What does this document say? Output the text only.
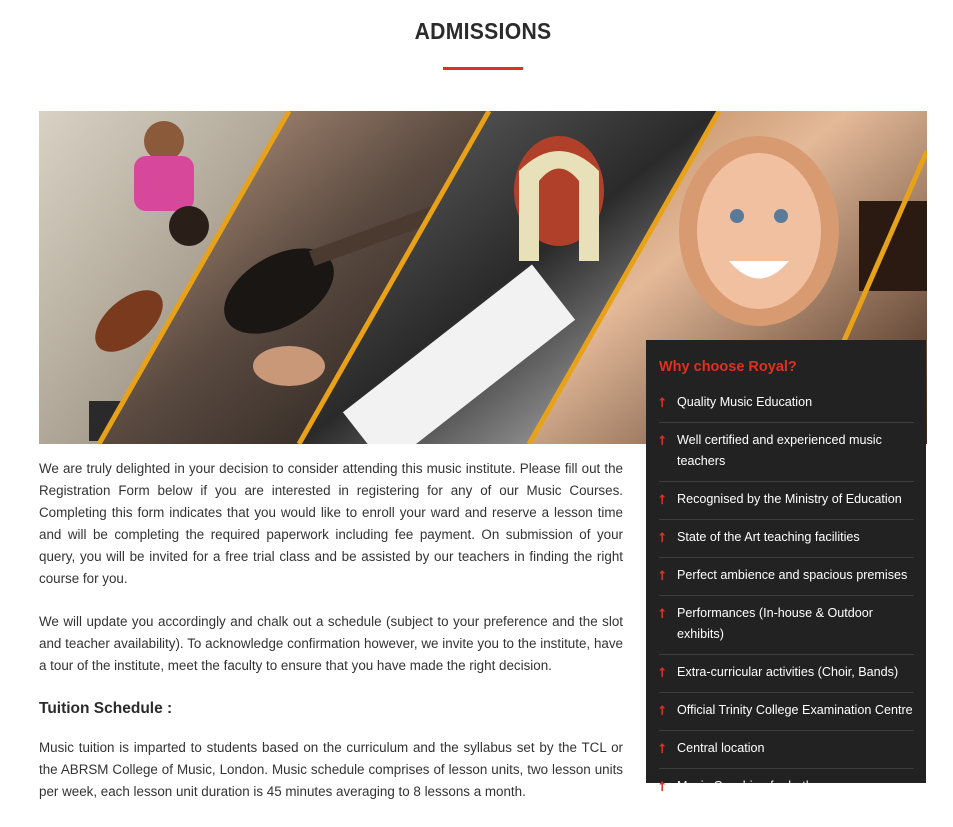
ADMISSIONS

We are truly delighted in your decision to consider attending this music institute. Please fill out the Registration Form below if you are interested in registering for any of our Music Courses. Completing this form indicates that you would like to enroll your ward and reserve a lesson time and will be completing the required paperwork including fee payment. On submission of your query, you will be invited for a free trial class and be assisted by our teachers in finding the right course for you.

We will update you accordingly and chalk out a schedule (subject to your preference and the slot and teacher availability). To acknowledge confirmation however, we invite you to the institute, have a tour of the institute, meet the faculty to ensure that you have made the right decision.

Tuition Schedule :

Music tuition is imparted to students based on the curriculum and the syllabus set by the TCL or the ABRSM College of Music, London. Music schedule comprises of lesson units, two lesson units per week, each lesson unit duration is 45 minutes averaging to 8 lessons a month.

Why choose Royal?
⭡ Quality Music Education
⭡ Well certified and experienced music teachers
⭡ Recognised by the Ministry of Education
⭡ State of the Art teaching facilities
⭡ Perfect ambience and spacious premises
⭡ Performances (In-house & Outdoor exhibits)
⭡ Extra-curricular activities (Choir, Bands)
⭡ Official Trinity College Examination Centre
⭡ Central location
⭡ Music Coaching for both curriculums(Trinity & ABRSM)
